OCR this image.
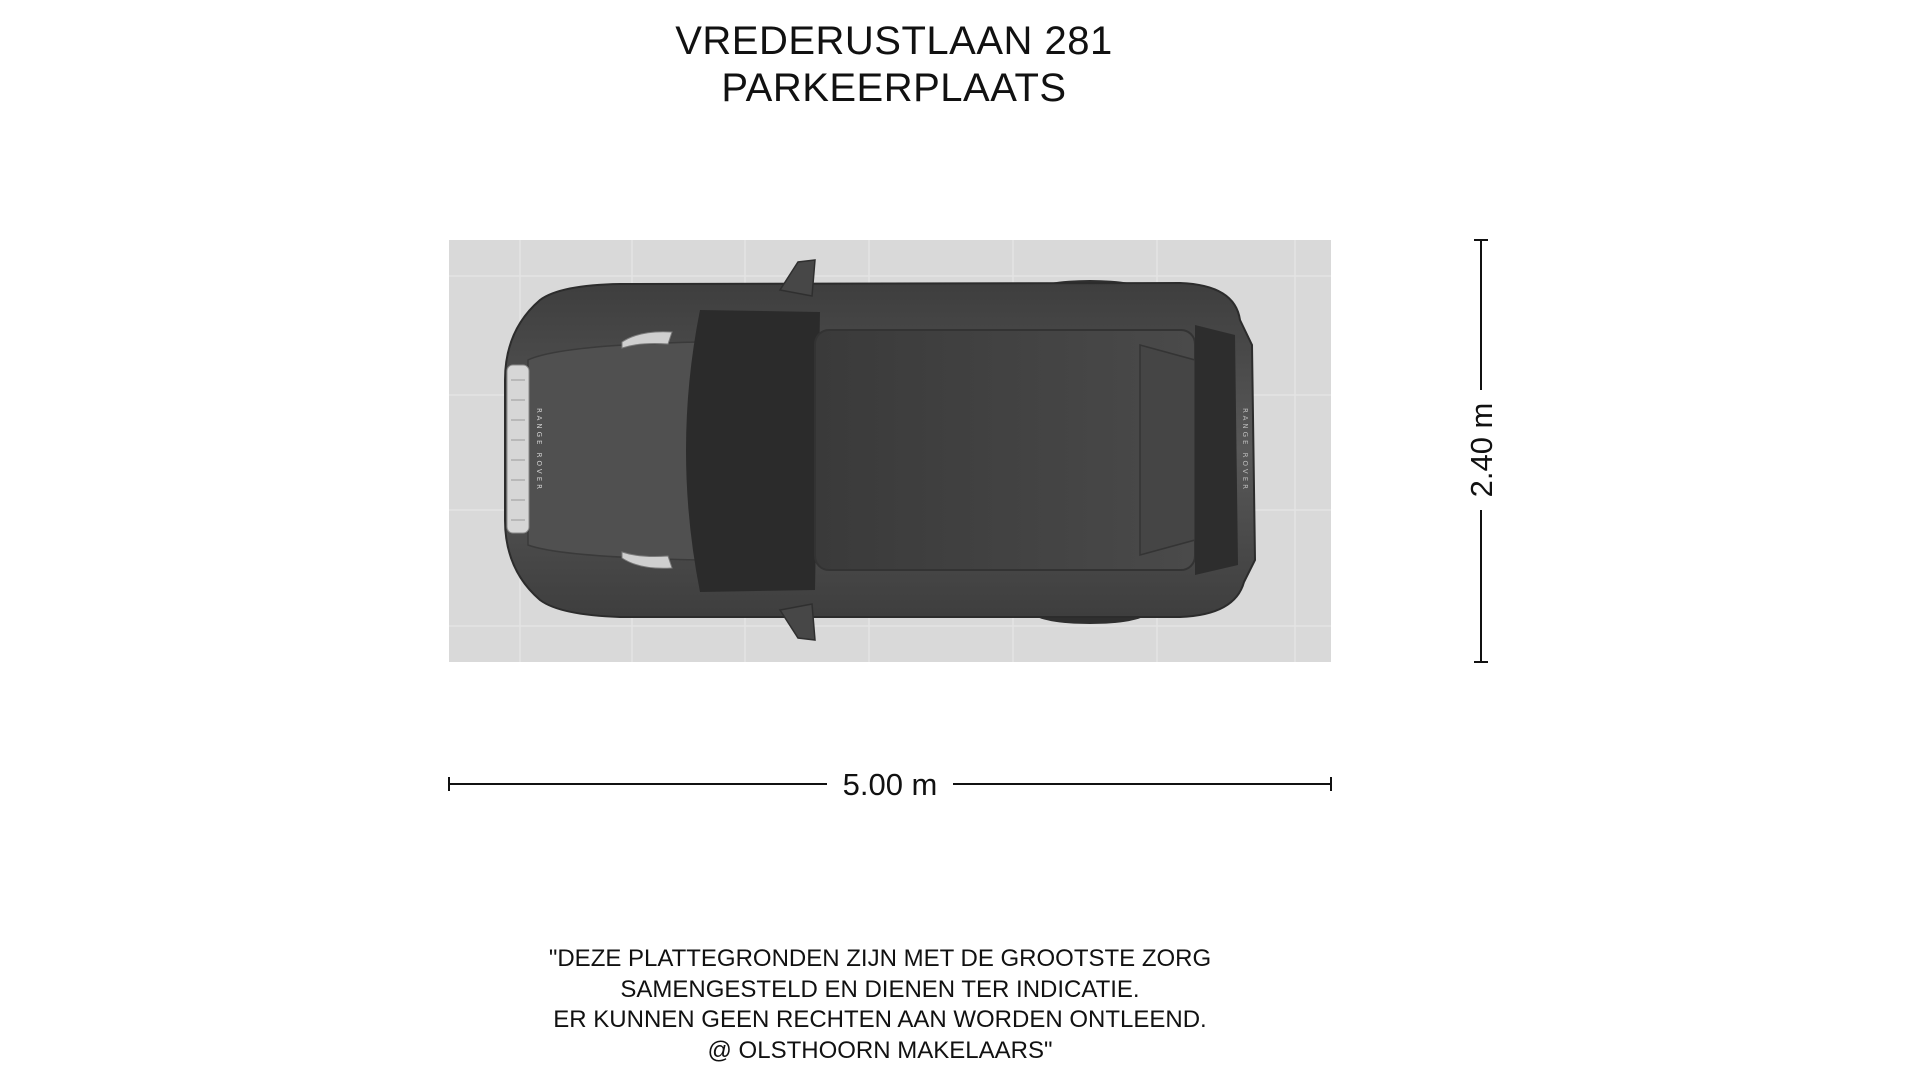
VREDERUSTLAAN 281
PARKEERPLAATS
RANGE ROVER	RANGE ROVER
5.00 m
2.40 m
"DEZE PLATTEGRONDEN ZIJN MET DE GROOTSTE ZORG
SAMENGESTELD EN DIENEN TER INDICATIE.
ER KUNNEN GEEN RECHTEN AAN WORDEN ONTLEEND.
@ OLSTHOORN MAKELAARS"
